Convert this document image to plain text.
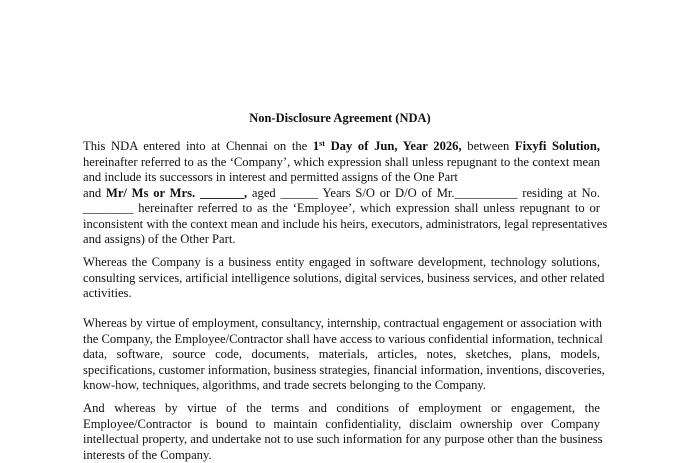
Non-Disclosure Agreement (NDA)
This NDA entered into at Chennai on the 1st Day of Jun, Year 2026, between Fixyfi Solution,
hereinafter referred to as the ‘Company’, which expression shall unless repugnant to the context mean
and include its successors in interest and permitted assigns of the One Part
and Mr/ Ms or Mrs. _______, aged ______ Years S/O or D/O of Mr.__________ residing at No.
________ hereinafter referred to as the ‘Employee’, which expression shall unless repugnant to or
inconsistent with the context mean and include his heirs, executors, administrators, legal representatives
and assigns) of the Other Part.
Whereas the Company is a business entity engaged in software development, technology solutions,
consulting services, artificial intelligence solutions, digital services, business services, and other related
activities.
Whereas by virtue of employment, consultancy, internship, contractual engagement or association with
the Company, the Employee/Contractor shall have access to various confidential information, technical
data, software, source code, documents, materials, articles, notes, sketches, plans, models,
specifications, customer information, business strategies, financial information, inventions, discoveries,
know-how, techniques, algorithms, and trade secrets belonging to the Company.
And whereas by virtue of the terms and conditions of employment or engagement, the
Employee/Contractor is bound to maintain confidentiality, disclaim ownership over Company
intellectual property, and undertake not to use such information for any purpose other than the business
interests of the Company.
